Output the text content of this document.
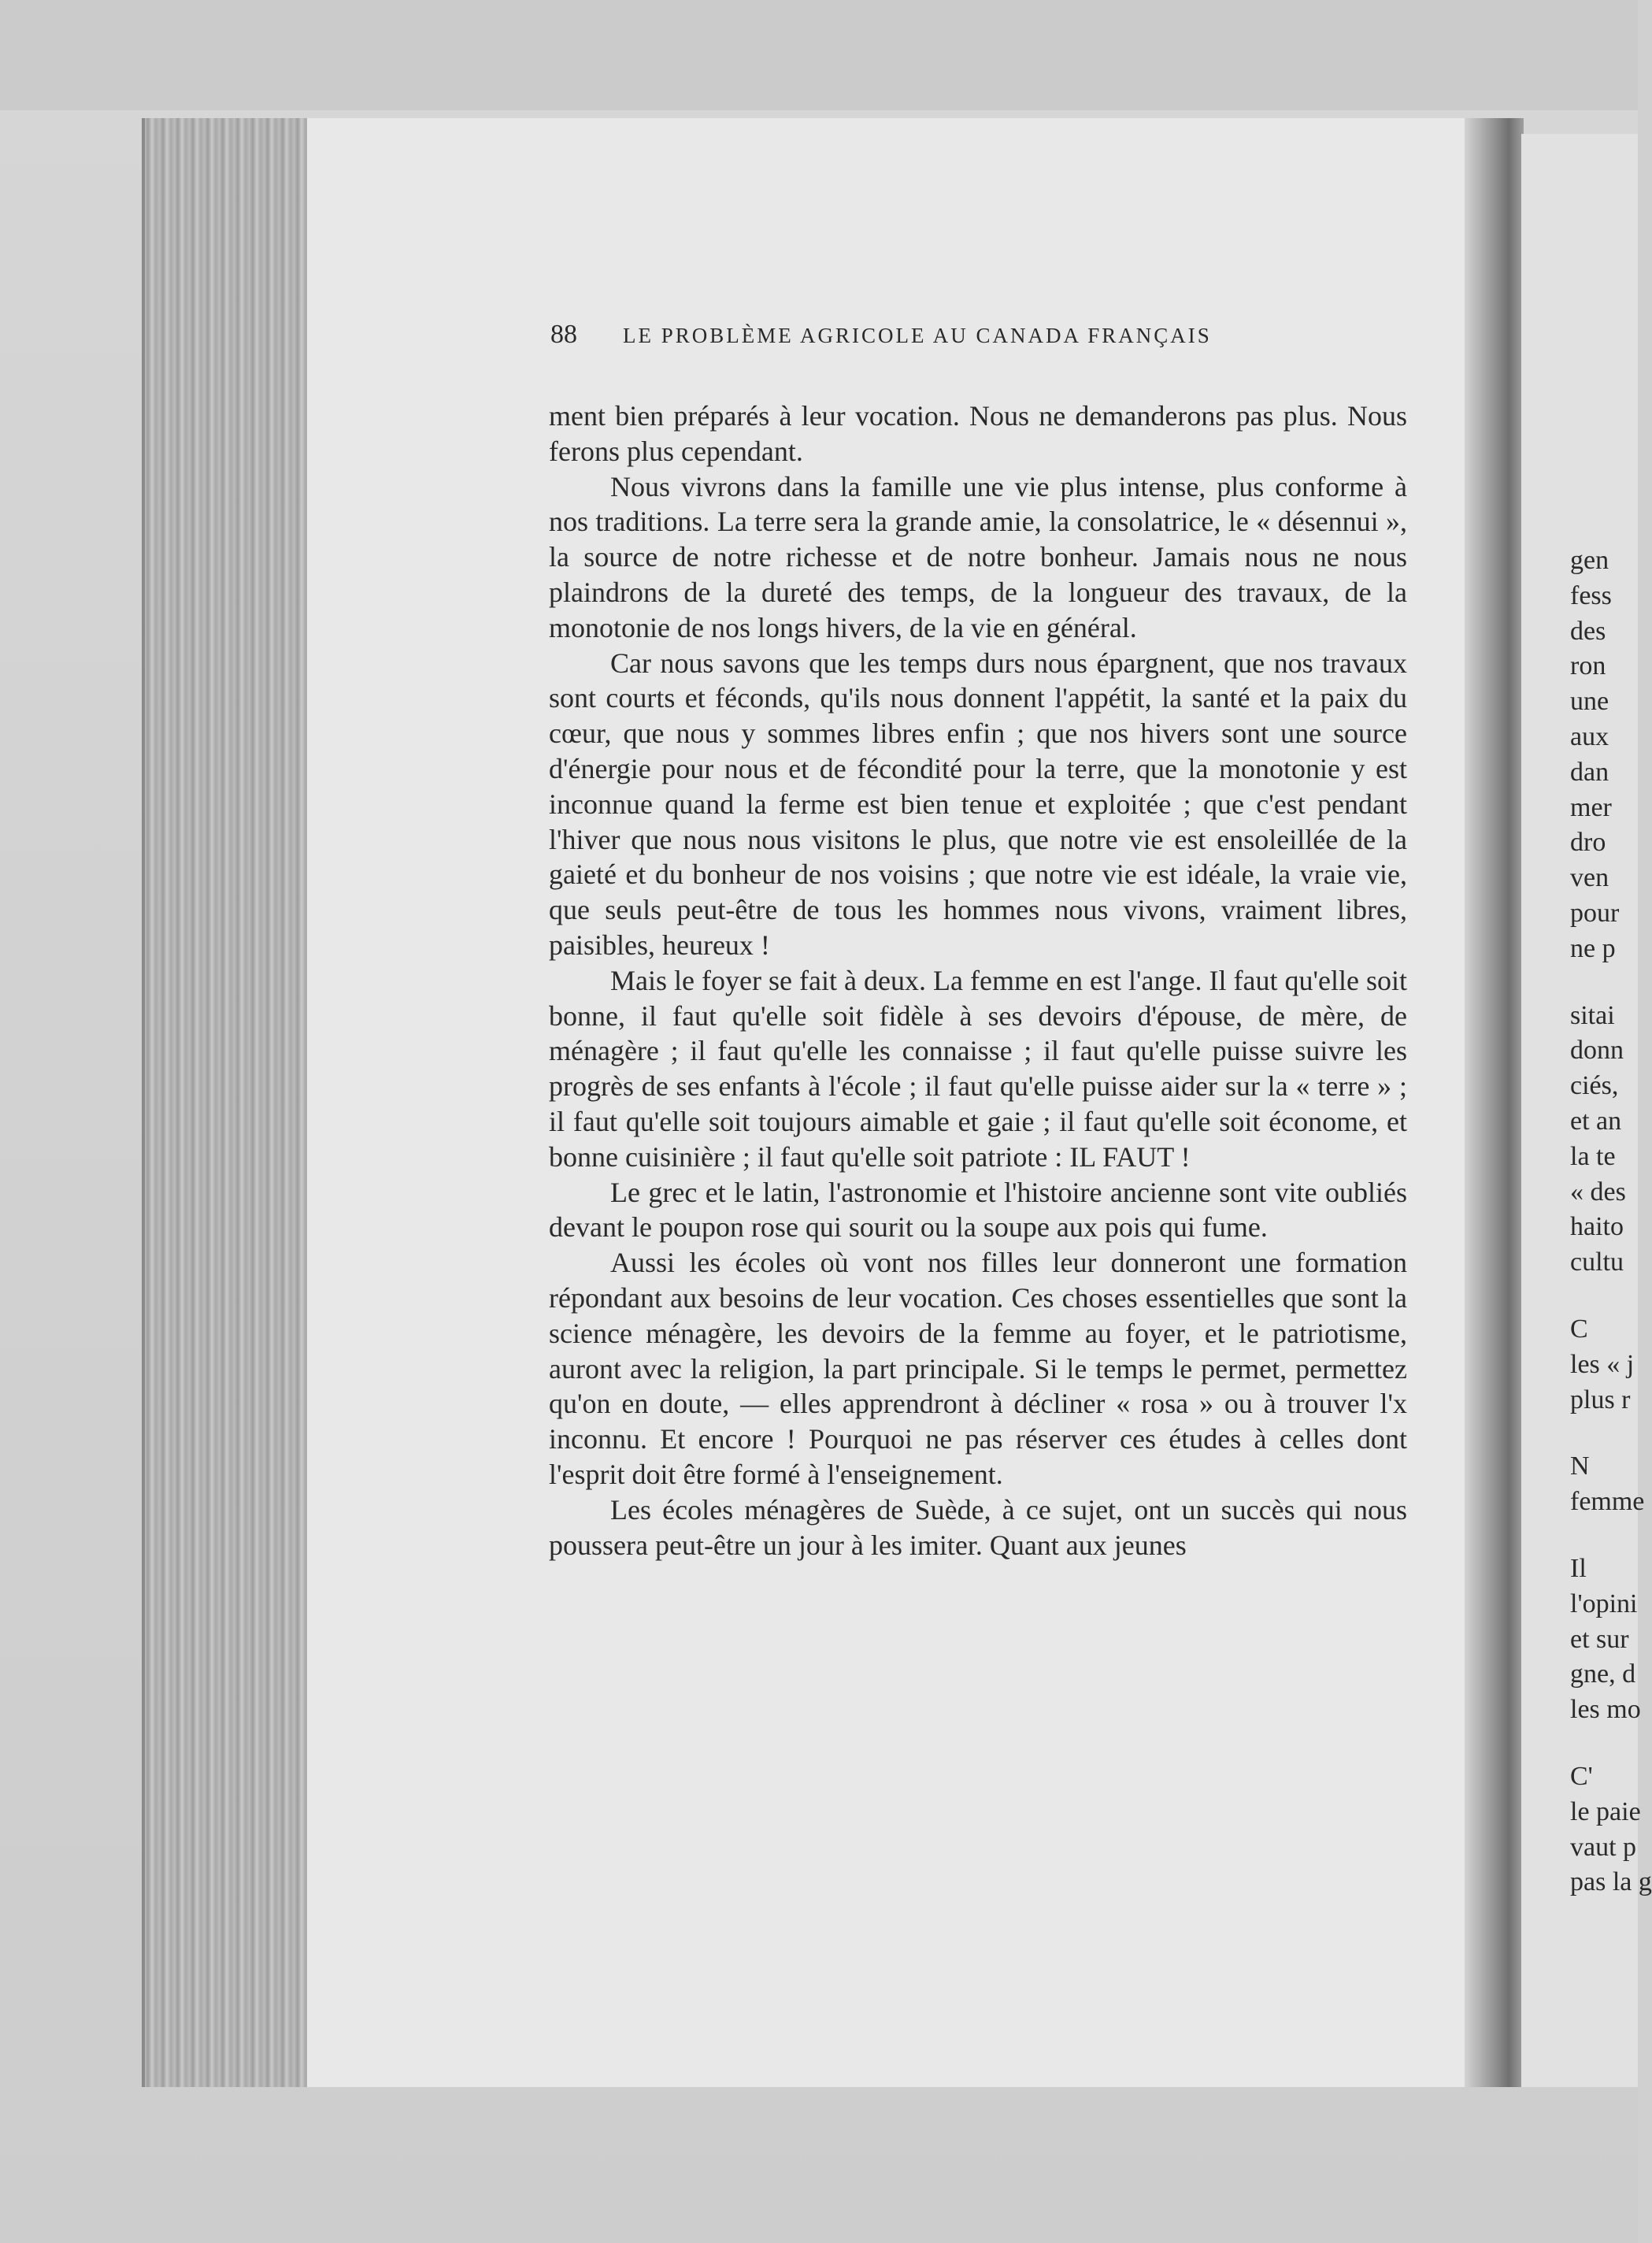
gen
fess
des
ron
une
aux
dan
mer
dro
ven
pour
ne p
sitai
donn
ciés,
et an
la te
« des
haito
cultu
C
les « j
plus r
N
femme
Il
l'opini
et sur
gne, d
les mo
C'
le paie
vaut p
pas la g
88 LE PROBLÈME AGRICOLE AU CANADA FRANÇAIS

ment bien préparés à leur vocation. Nous ne demanderons pas plus. Nous ferons plus cependant.

Nous vivrons dans la famille une vie plus intense, plus conforme à nos traditions. La terre sera la grande amie, la consolatrice, le « désennui », la source de notre richesse et de notre bonheur. Jamais nous ne nous plaindrons de la dureté des temps, de la longueur des travaux, de la monotonie de nos longs hivers, de la vie en général.

Car nous savons que les temps durs nous épargnent, que nos travaux sont courts et féconds, qu'ils nous donnent l'appétit, la santé et la paix du cœur, que nous y sommes libres enfin ; que nos hivers sont une source d'énergie pour nous et de fécondité pour la terre, que la monotonie y est inconnue quand la ferme est bien tenue et exploitée ; que c'est pendant l'hiver que nous nous visitons le plus, que notre vie est ensoleillée de la gaieté et du bonheur de nos voisins ; que notre vie est idéale, la vraie vie, que seuls peut-être de tous les hommes nous vivons, vraiment libres, paisibles, heureux !

Mais le foyer se fait à deux. La femme en est l'ange. Il faut qu'elle soit bonne, il faut qu'elle soit fidèle à ses devoirs d'épouse, de mère, de ménagère ; il faut qu'elle les connaisse ; il faut qu'elle puisse suivre les progrès de ses enfants à l'école ; il faut qu'elle puisse aider sur la « terre » ; il faut qu'elle soit toujours aimable et gaie ; il faut qu'elle soit économe, et bonne cuisinière ; il faut qu'elle soit patriote : IL FAUT !

Le grec et le latin, l'astronomie et l'histoire ancienne sont vite oubliés devant le poupon rose qui sourit ou la soupe aux pois qui fume.

Aussi les écoles où vont nos filles leur donneront une formation répondant aux besoins de leur vocation. Ces choses essentielles que sont la science ménagère, les devoirs de la femme au foyer, et le patriotisme, auront avec la religion, la part principale. Si le temps le permet, permettez qu'on en doute, — elles apprendront à décliner « rosa » ou à trouver l'x inconnu. Et encore ! Pourquoi ne pas réserver ces études à celles dont l'esprit doit être formé à l'enseignement.

Les écoles ménagères de Suède, à ce sujet, ont un succès qui nous poussera peut-être un jour à les imiter. Quant aux jeunes
